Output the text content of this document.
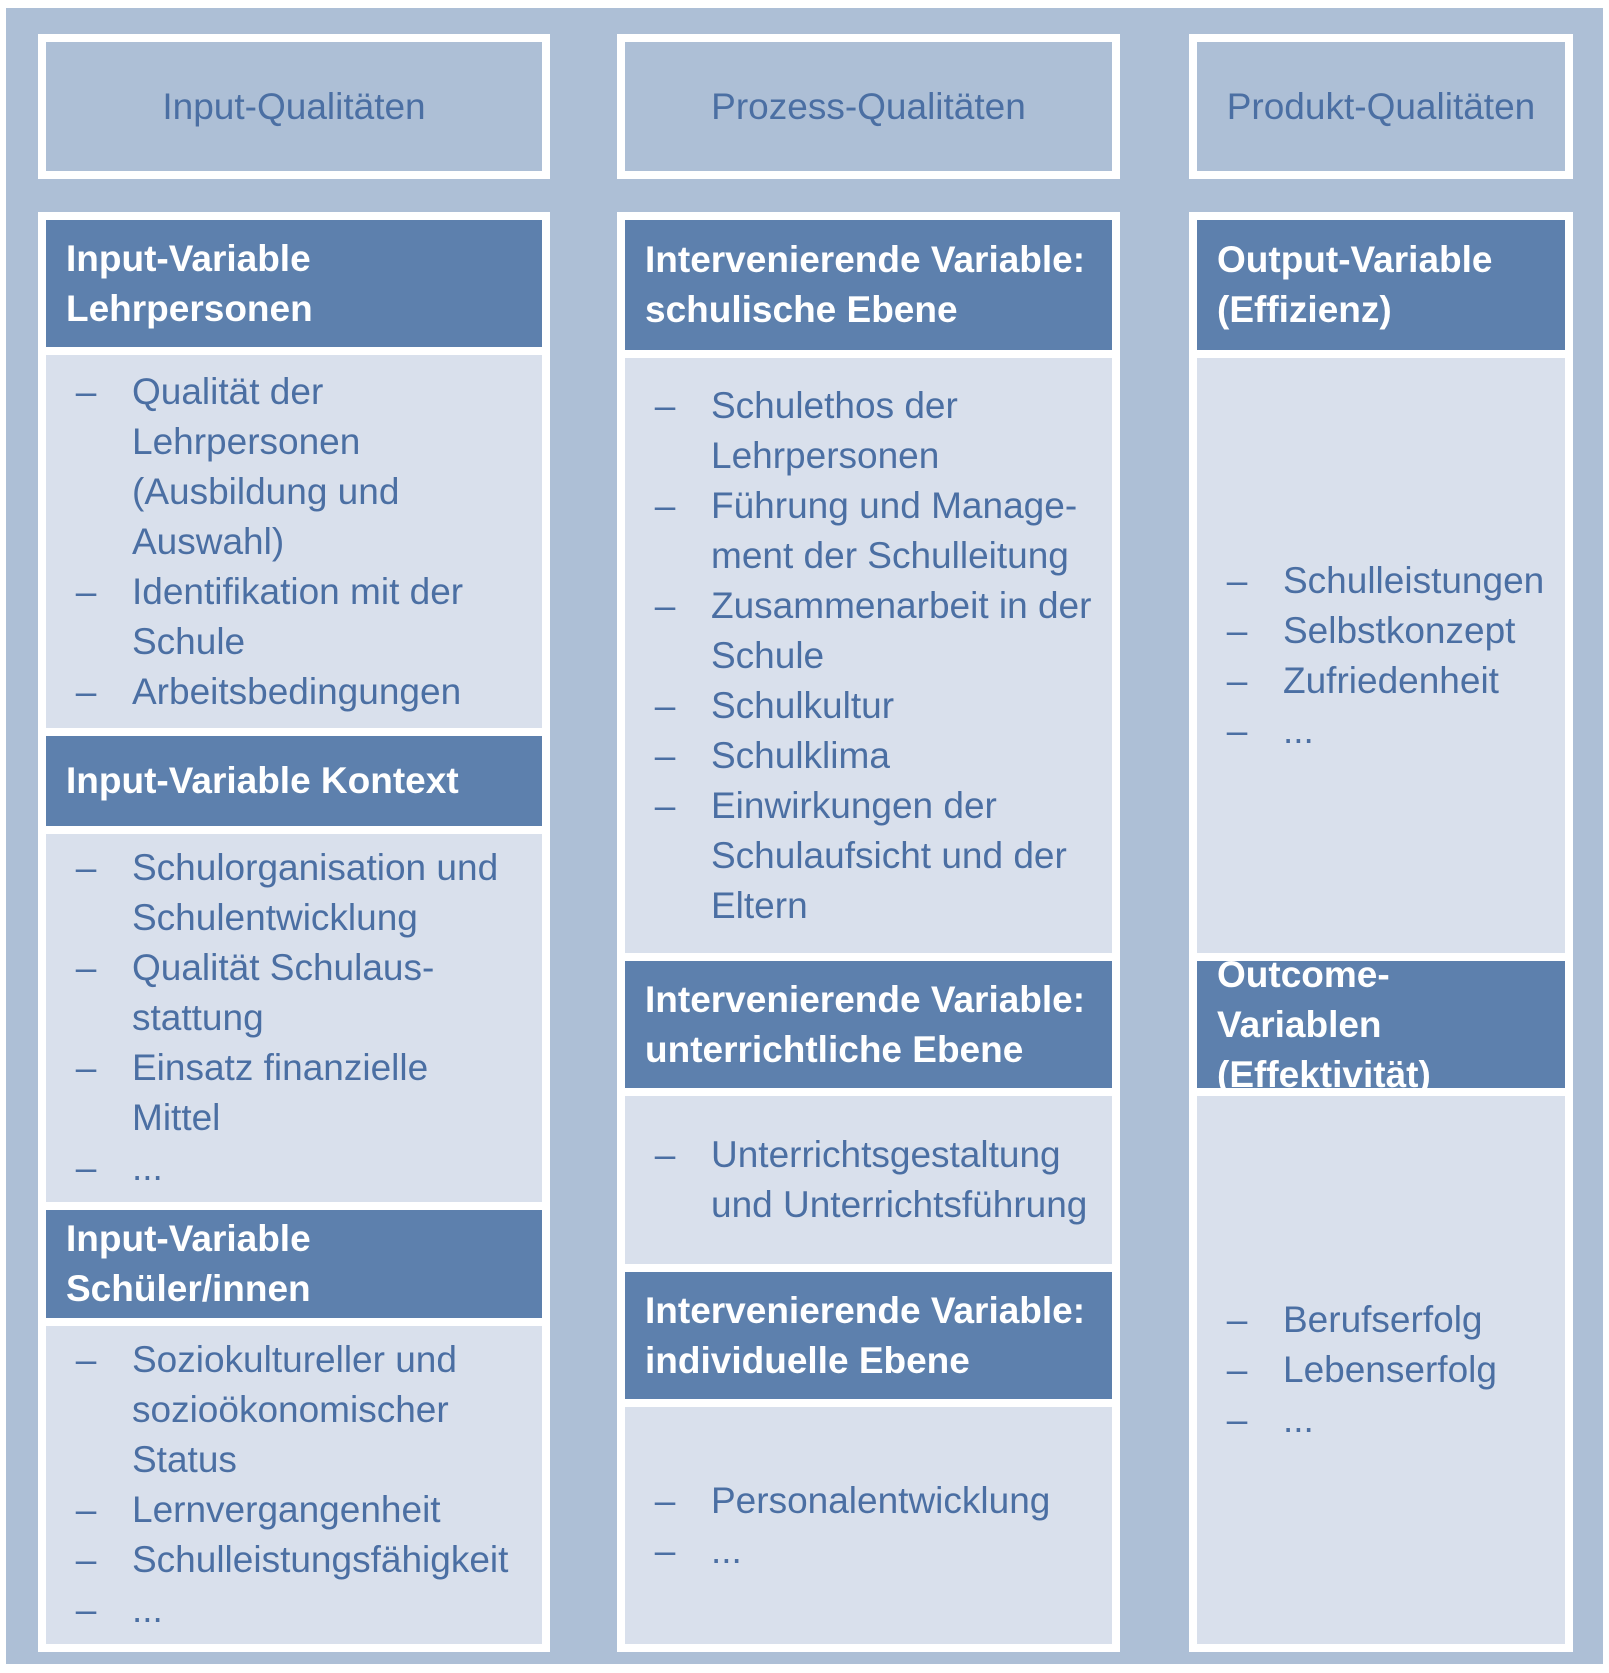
Input-Qualitäten	Prozess-Qualitäten	Produkt-Qualitäten
Input-Variable
Lehrpersonen
– Qualität der
Lehrpersonen
(Ausbildung und
Auswahl)
– Identifikation mit der
Schule
– Arbeitsbedingungen
Input-Variable Kontext
– Schulorganisation und
Schulentwicklung
– Qualität Schulaus-
stattung
– Einsatz finanzielle
Mittel
– ...
Input-Variable
Schüler/innen
– Soziokultureller und
sozioökonomischer
Status
– Lernvergangenheit
– Schulleistungsfähigkeit
– ...
Intervenierende Variable:
schulische Ebene
– Schulethos der
Lehrpersonen
– Führung und Manage-
ment der Schulleitung
– Zusammenarbeit in der
Schule
– Schulkultur
– Schulklima
– Einwirkungen der
Schulaufsicht und der
Eltern
Intervenierende Variable:
unterrichtliche Ebene
– Unterrichtsgestaltung
und Unterrichtsführung
Intervenierende Variable:
individuelle Ebene
– Personalentwicklung
– ...
Output-Variable
(Effizienz)
– Schulleistungen
– Selbstkonzept
– Zufriedenheit
– ...
Outcome-Variablen
(Effektivität)
– Berufserfolg
– Lebenserfolg
– ...
